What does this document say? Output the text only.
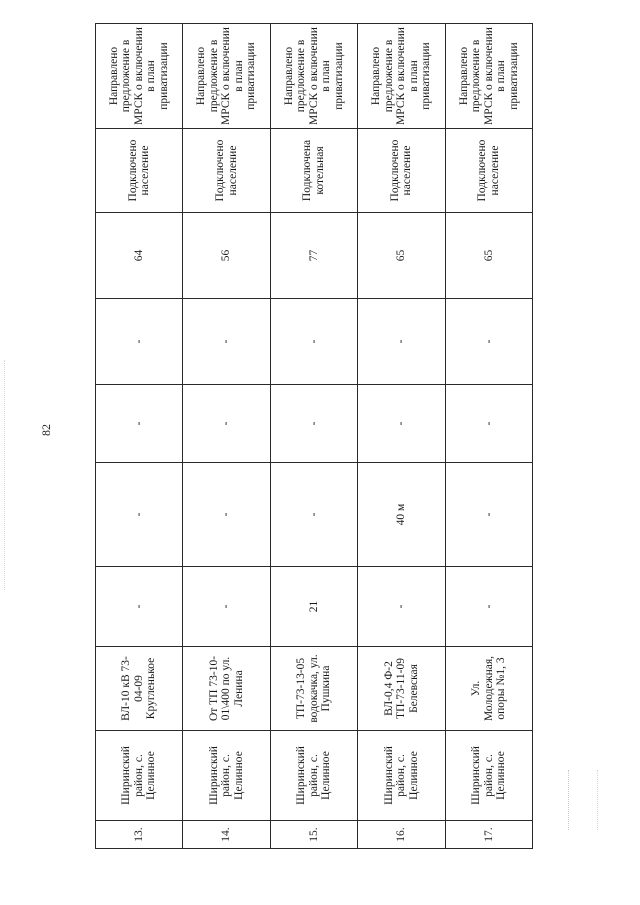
82
13.	Ширинский район, с. Целинное	ВЛ-10 кВ 73-04-09 Кругленькое	-	-	-	-	64	Подключено население	Направлено предложение в МРСК о включении в план приватизации
14.	Ширинский район, с. Целинное	От ТП 73-10-01\400 по ул. Ленина	-	-	-	-	56	Подключено население	Направлено предложение в МРСК о включении в план приватизации
15.	Ширинский район, с. Целинное	ТП-73-13-05 водокачка, ул. Пушкина	21	-	-	-	77	Подключена котельная	Направлено предложение в МРСК о включении в план приватизации
16.	Ширинский район, с. Целинное	ВЛ-0,4 Ф-2 ТП-73-11-09 Белевская	-	40 м	-	-	65	Подключено население	Направлено предложение в МРСК о включении в план приватизации
17.	Ширинский район, с. Целинное	Ул. Молодежная, опоры №1, 3	-	-	-	-	65	Подключено население	Направлено предложение в МРСК о включении в план приватизации
